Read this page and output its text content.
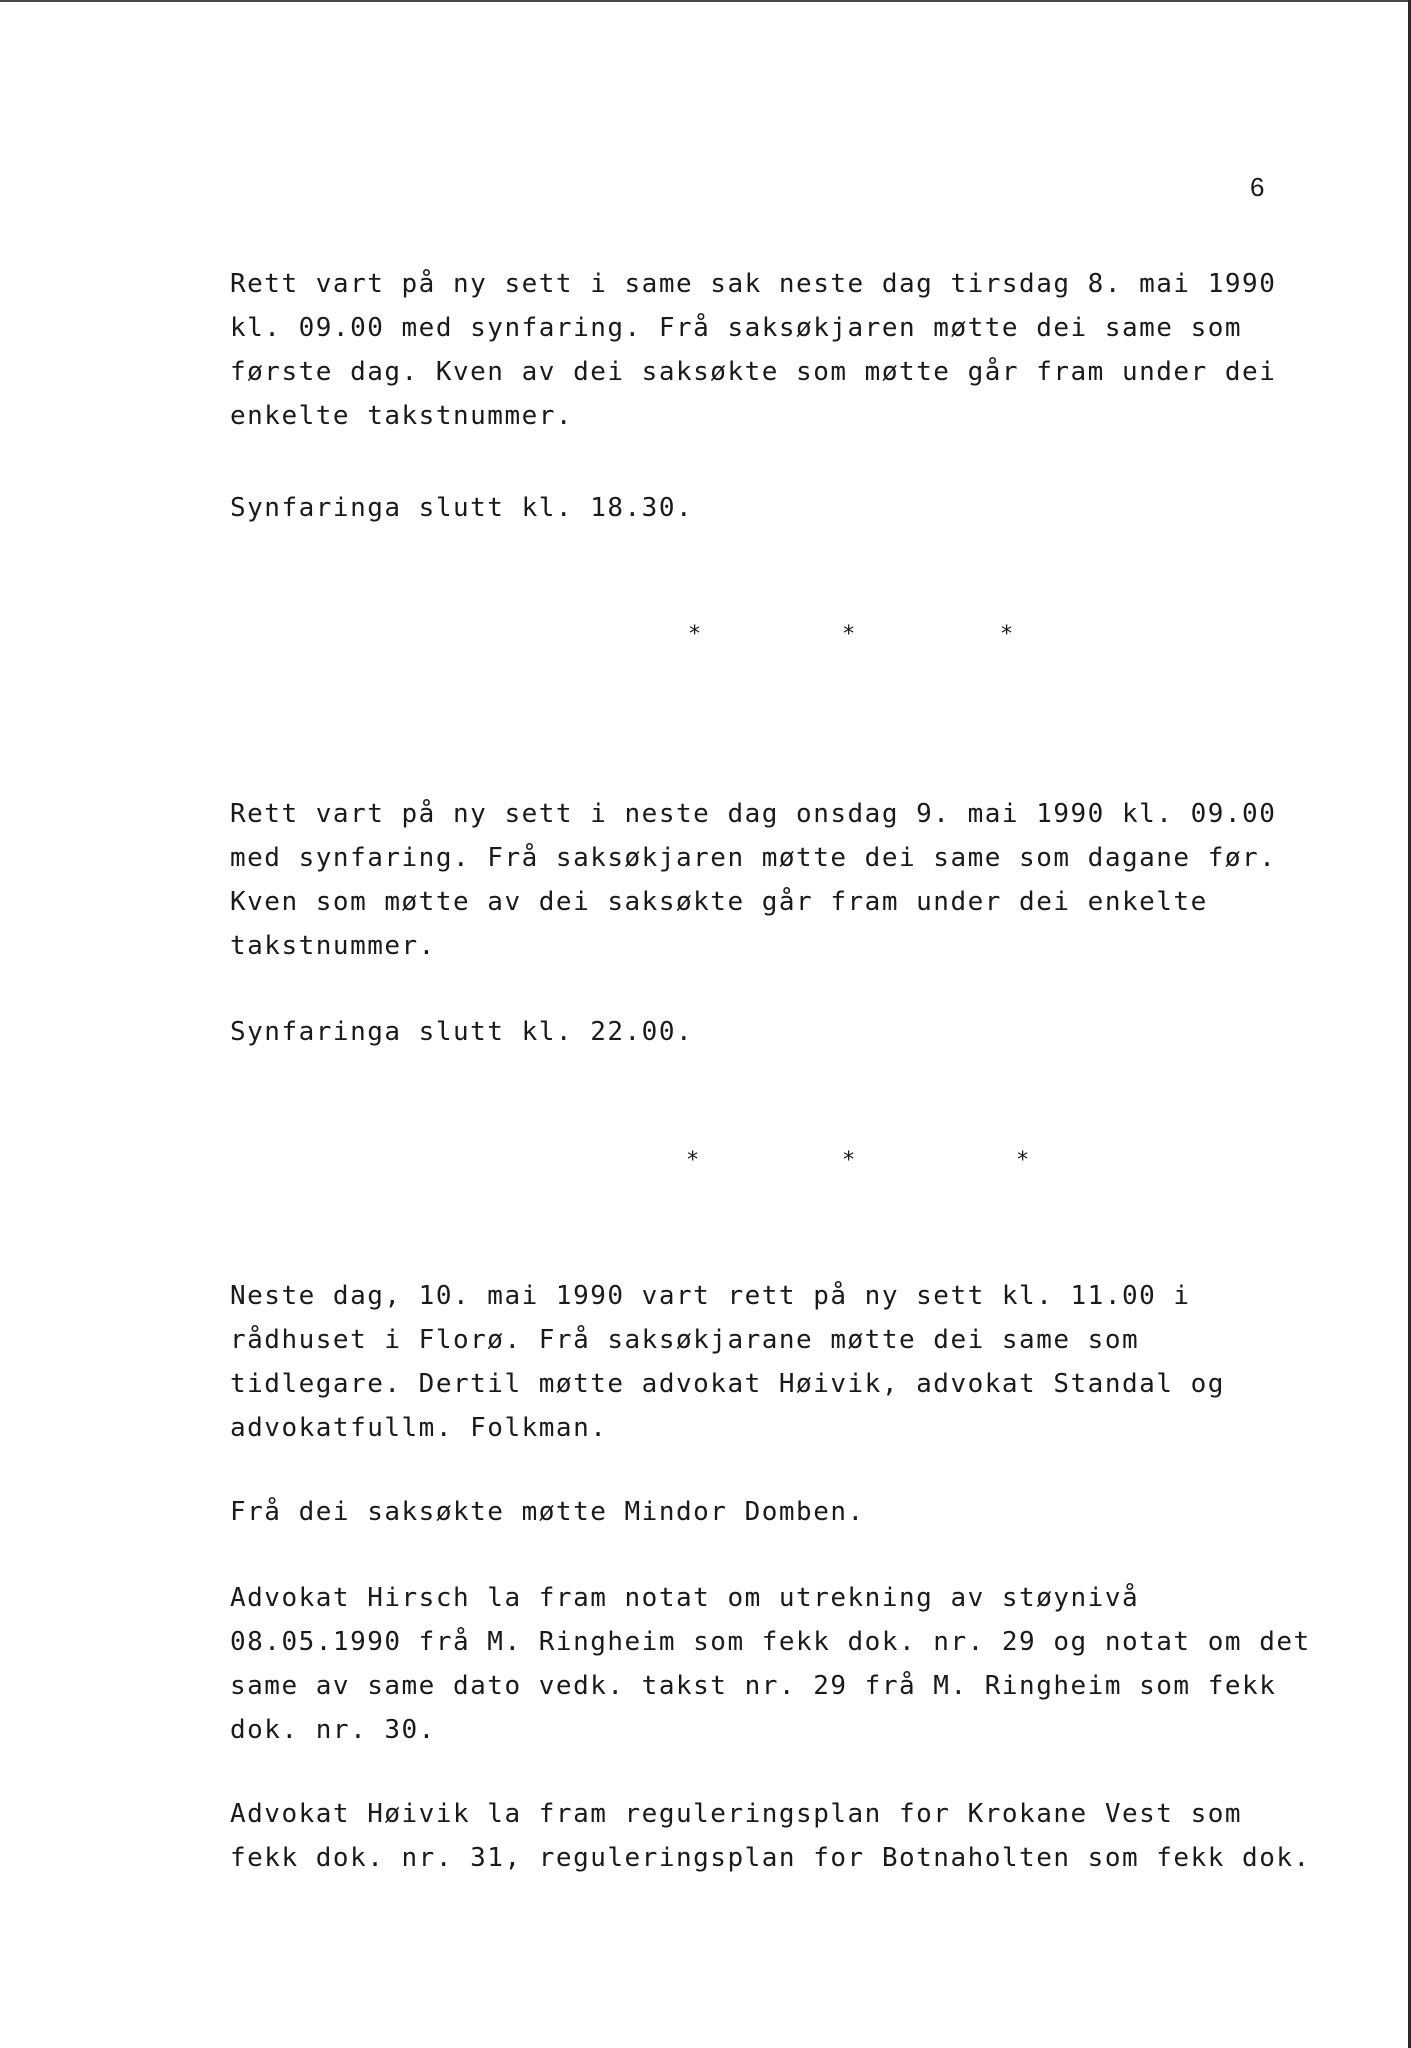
6
Rett vart på ny sett i same sak neste dag tirsdag 8. mai 1990
kl. 09.00 med synfaring. Frå saksøkjaren møtte dei same som
første dag. Kven av dei saksøkte som møtte går fram under dei
enkelte takstnummer.
Synfaringa slutt kl. 18.30.
*	*	*
Rett vart på ny sett i neste dag onsdag 9. mai 1990 kl. 09.00
med synfaring. Frå saksøkjaren møtte dei same som dagane før.
Kven som møtte av dei saksøkte går fram under dei enkelte
takstnummer.
Synfaringa slutt kl. 22.00.
*	*	*
Neste dag, 10. mai 1990 vart rett på ny sett kl. 11.00 i
rådhuset i Florø. Frå saksøkjarane møtte dei same som
tidlegare. Dertil møtte advokat Høivik, advokat Standal og
advokatfullm. Folkman.
Frå dei saksøkte møtte Mindor Domben.
Advokat Hirsch la fram notat om utrekning av støynivå
08.05.1990 frå M. Ringheim som fekk dok. nr. 29 og notat om det
same av same dato vedk. takst nr. 29 frå M. Ringheim som fekk
dok. nr. 30.
Advokat Høivik la fram reguleringsplan for Krokane Vest som
fekk dok. nr. 31, reguleringsplan for Botnaholten som fekk dok.
